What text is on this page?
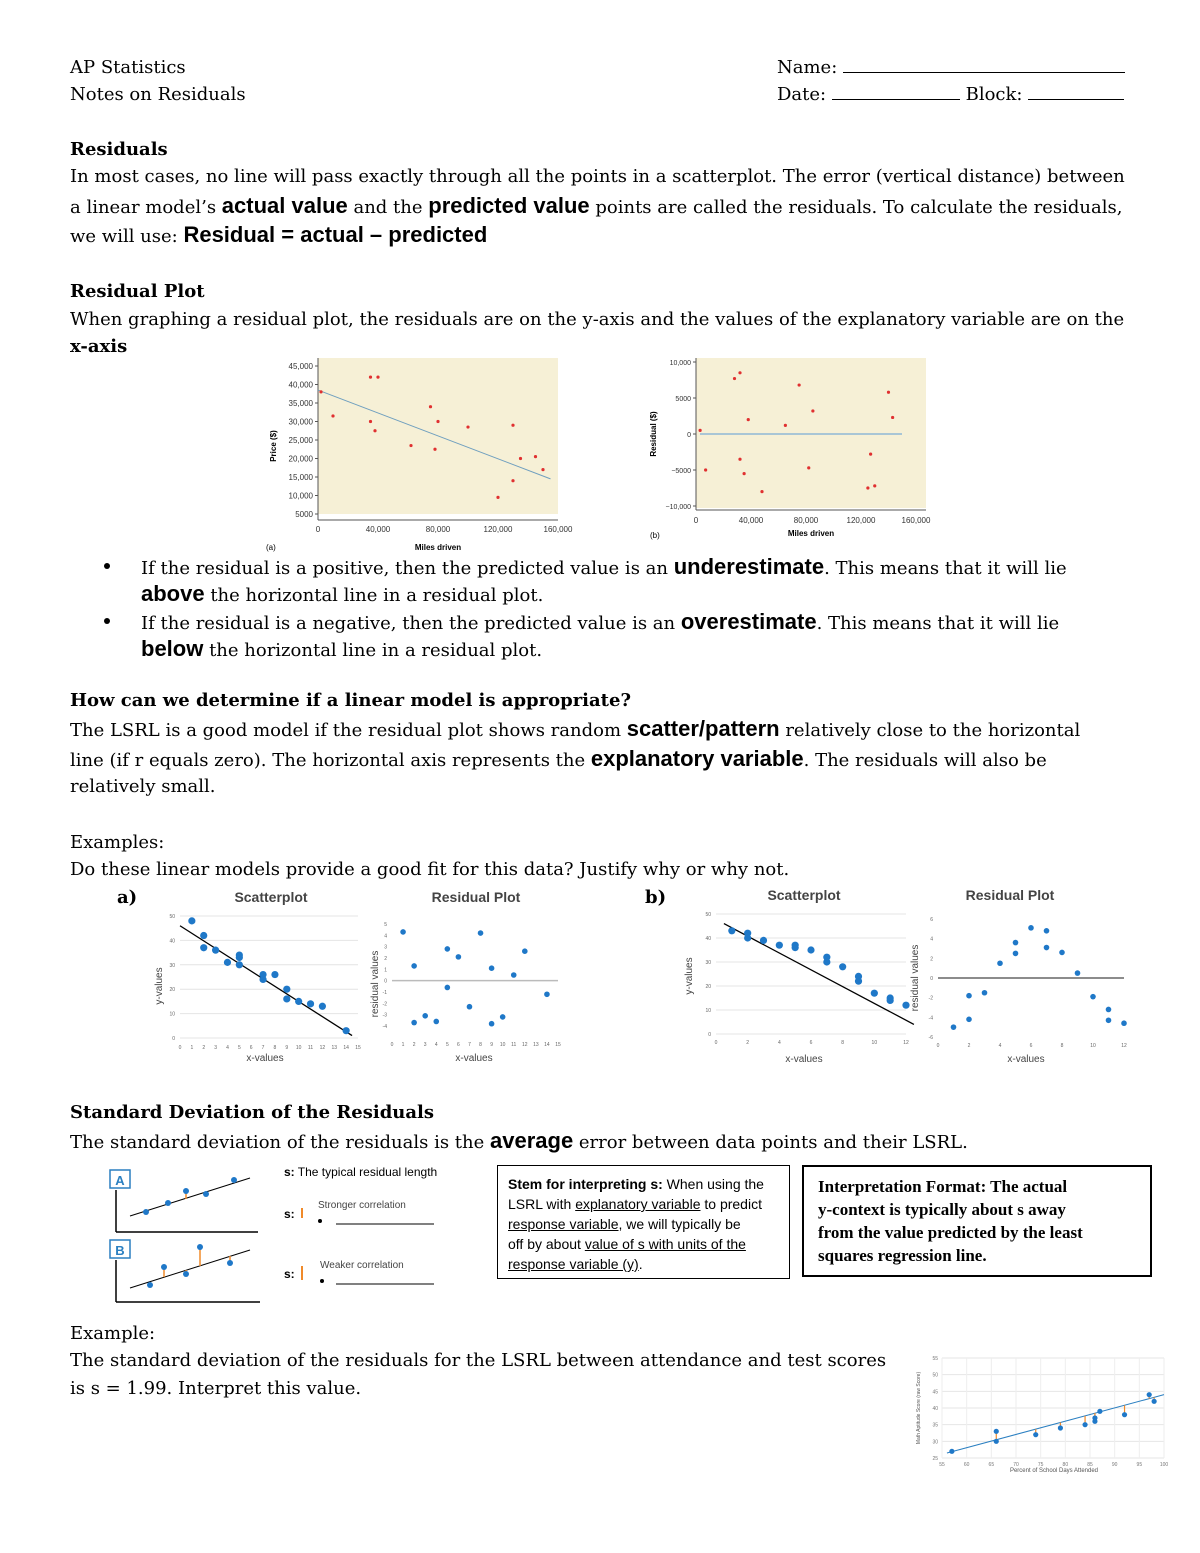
AP Statistics
Notes on Residuals
Name:
Date:	Block:
Residuals
In most cases, no line will pass exactly through all the points in a scatterplot. The error (vertical distance) between
a linear model’s actual value and the predicted value points are called the residuals. To calculate the residuals,
we will use: Residual = actual – predicted
Residual Plot
When graphing a residual plot, the residuals are on the y-axis and the values of the explanatory variable are on the
x-axis
45,000
40,000
35,000
30,000
25,000
20,000
15,000
10,000
5000
0	40,000	80,000	120,000	160,000
Price ($)
Miles driven
(a)
10,000
5000
0
−5000
−10,000
0	40,000	80,000	120,000	160,000
Residual ($)
Miles driven
(b)
If the residual is a positive, then the predicted value is an underestimate. This means that it will lie
above the horizontal line in a residual plot.
If the residual is a negative, then the predicted value is an overestimate. This means that it will lie
below the horizontal line in a residual plot.
How can we determine if a linear model is appropriate?
The LSRL is a good model if the residual plot shows random scatter/pattern relatively close to the horizontal
line (if r equals zero). The horizontal axis represents the explanatory variable. The residuals will also be
relatively small.
Examples:
Do these linear models provide a good fit for this data? Justify why or why not.
a)	b)
Scatterplot
0 1 2 3 4 5 6 7 8 9 10 11 12 13 14 15
0
10
20
30
40
50
y-values
x-values
Residual Plot
0 1 2 3 4 5 6 7 8 9 10 11 12 13 14 15
-4
-3
-2
-1
0
1
2
3
4
5
residual values
x-values
Scatterplot
0	2	4	6	8	10	12
0
10
20
30
40
50
y-values
x-values
Residual Plot
0	2	4	6	8	10	12
-6
-4
-2
0
2
4
6
residual values
x-values
Standard Deviation of the Residuals
The standard deviation of the residuals is the average error between data points and their LSRL.
A
B
s: The typical residual length
s:
Stronger correlation
s:
Weaker correlation
Stem for interpreting s: When using the
LSRL with explanatory variable to predict
response variable, we will typically be
off by about value of s with units of the
response variable (y).
Interpretation Format: The actual
y-context is typically about s away
from the value predicted by the least
squares regression line.
Example:
The standard deviation of the residuals for the LSRL between attendance and test scores
is s = 1.99. Interpret this value.
55
50
45
40
35
30
25
55	60	65	70	75	80	85	90	95	100
Math Aptitude Score (raw Score)
Percent of School Days Attended
